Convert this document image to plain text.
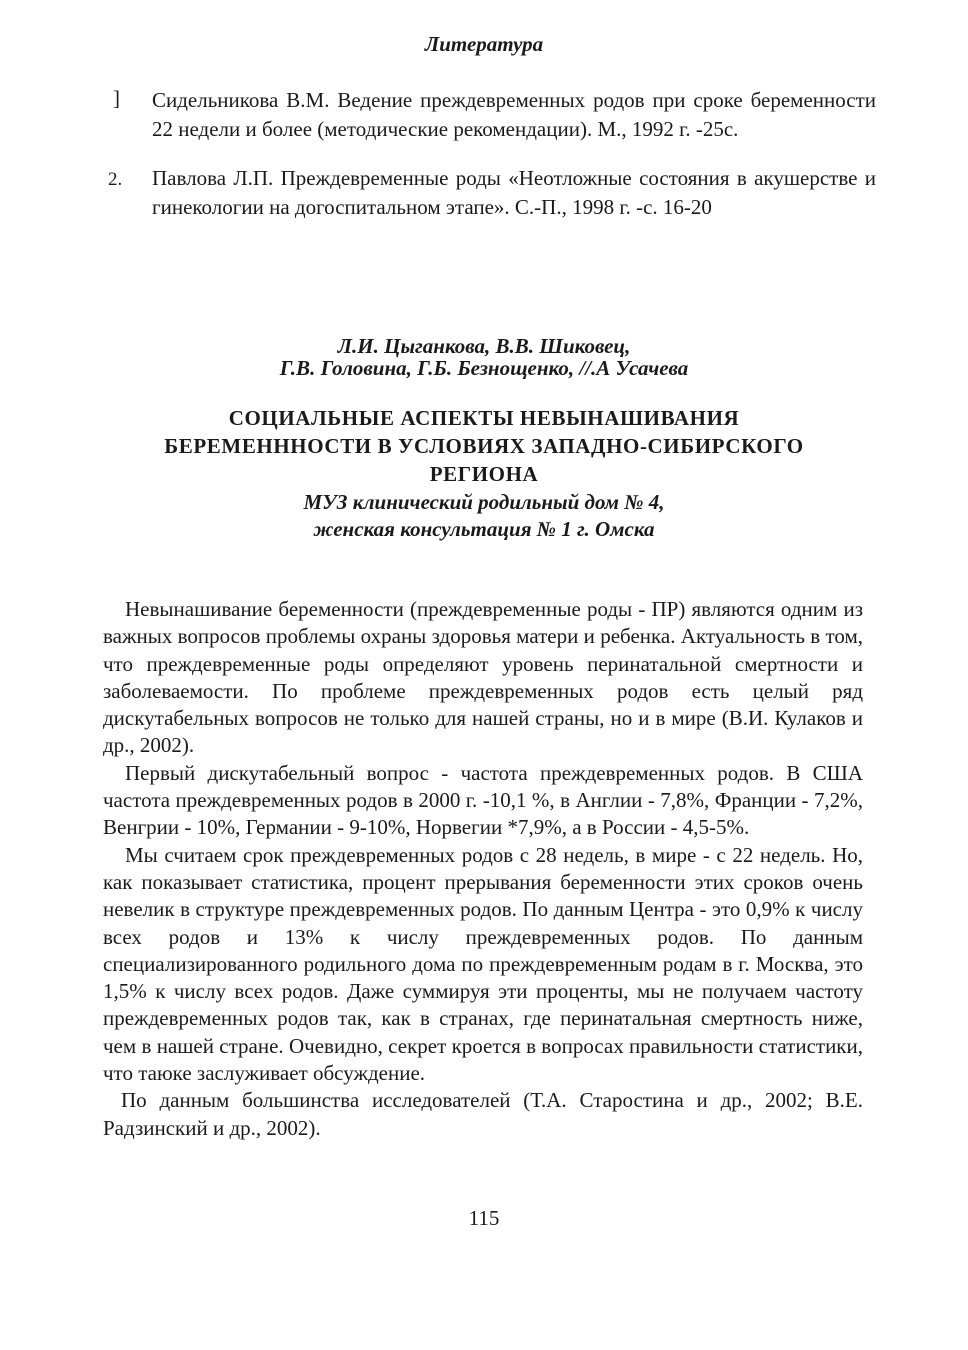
Литература
] Сидельникова В.М. Ведение преждевременных родов при сроке беременности 22 недели и более (методические рекомендации). М., 1992 г. -25с.
2. Павлова Л.П. Преждевременные роды «Неотложные состояния в акушерстве и гинекологии на догоспитальном этапе». С.-П., 1998 г. -с. 16-20
Л.И. Цыганкова, В.В. Шиковец,
Г.В. Головина, Г.Б. Безнощенко, //.А Усачева
СОЦИАЛЬНЫЕ АСПЕКТЫ НЕВЫНАШИВАНИЯ
БЕРЕМЕНННОСТИ В УСЛОВИЯХ ЗАПАДНО-СИБИРСКОГО
РЕГИОНА
МУЗ клинический родильный дом № 4,
женская консультация № 1 г. Омска

Невынашивание беременности (преждевременные роды - ПР) являются одним из важных вопросов проблемы охраны здоровья матери и ребенка. Актуальность в том, что преждевременные роды определяют уровень перинатальной смертности и заболеваемости. По проблеме преждевременных родов есть целый ряд дискутабельных вопросов не только для нашей страны, но и в мире (В.И. Кулаков и др., 2002).

Первый дискутабельный вопрос - частота преждевременных родов. В США частота преждевременных родов в 2000 г. -10,1 %, в Англии - 7,8%, Франции - 7,2%, Венгрии - 10%, Германии - 9-10%, Норвегии *7,9%, а в России - 4,5-5%.

Мы считаем срок преждевременных родов с 28 недель, в мире - с 22 недель. Но, как показывает статистика, процент прерывания беременности этих сроков очень невелик в структуре преждевременных родов. По данным Центра - это 0,9% к числу всех родов и 13% к числу преждевременных родов. По данным специализированного родильного дома по преждевременным родам в г. Москва, это 1,5% к числу всех родов. Даже суммируя эти проценты, мы не получаем частоту преждевременных родов так, как в странах, где перинатальная смертность ниже, чем в нашей стране. Очевидно, секрет кроется в вопросах правильности статистики, что таюке заслуживает обсуждение.

По данным большинства исследователей (Т.А. Старостина и др., 2002; В.Е. Радзинский и др., 2002).

115
